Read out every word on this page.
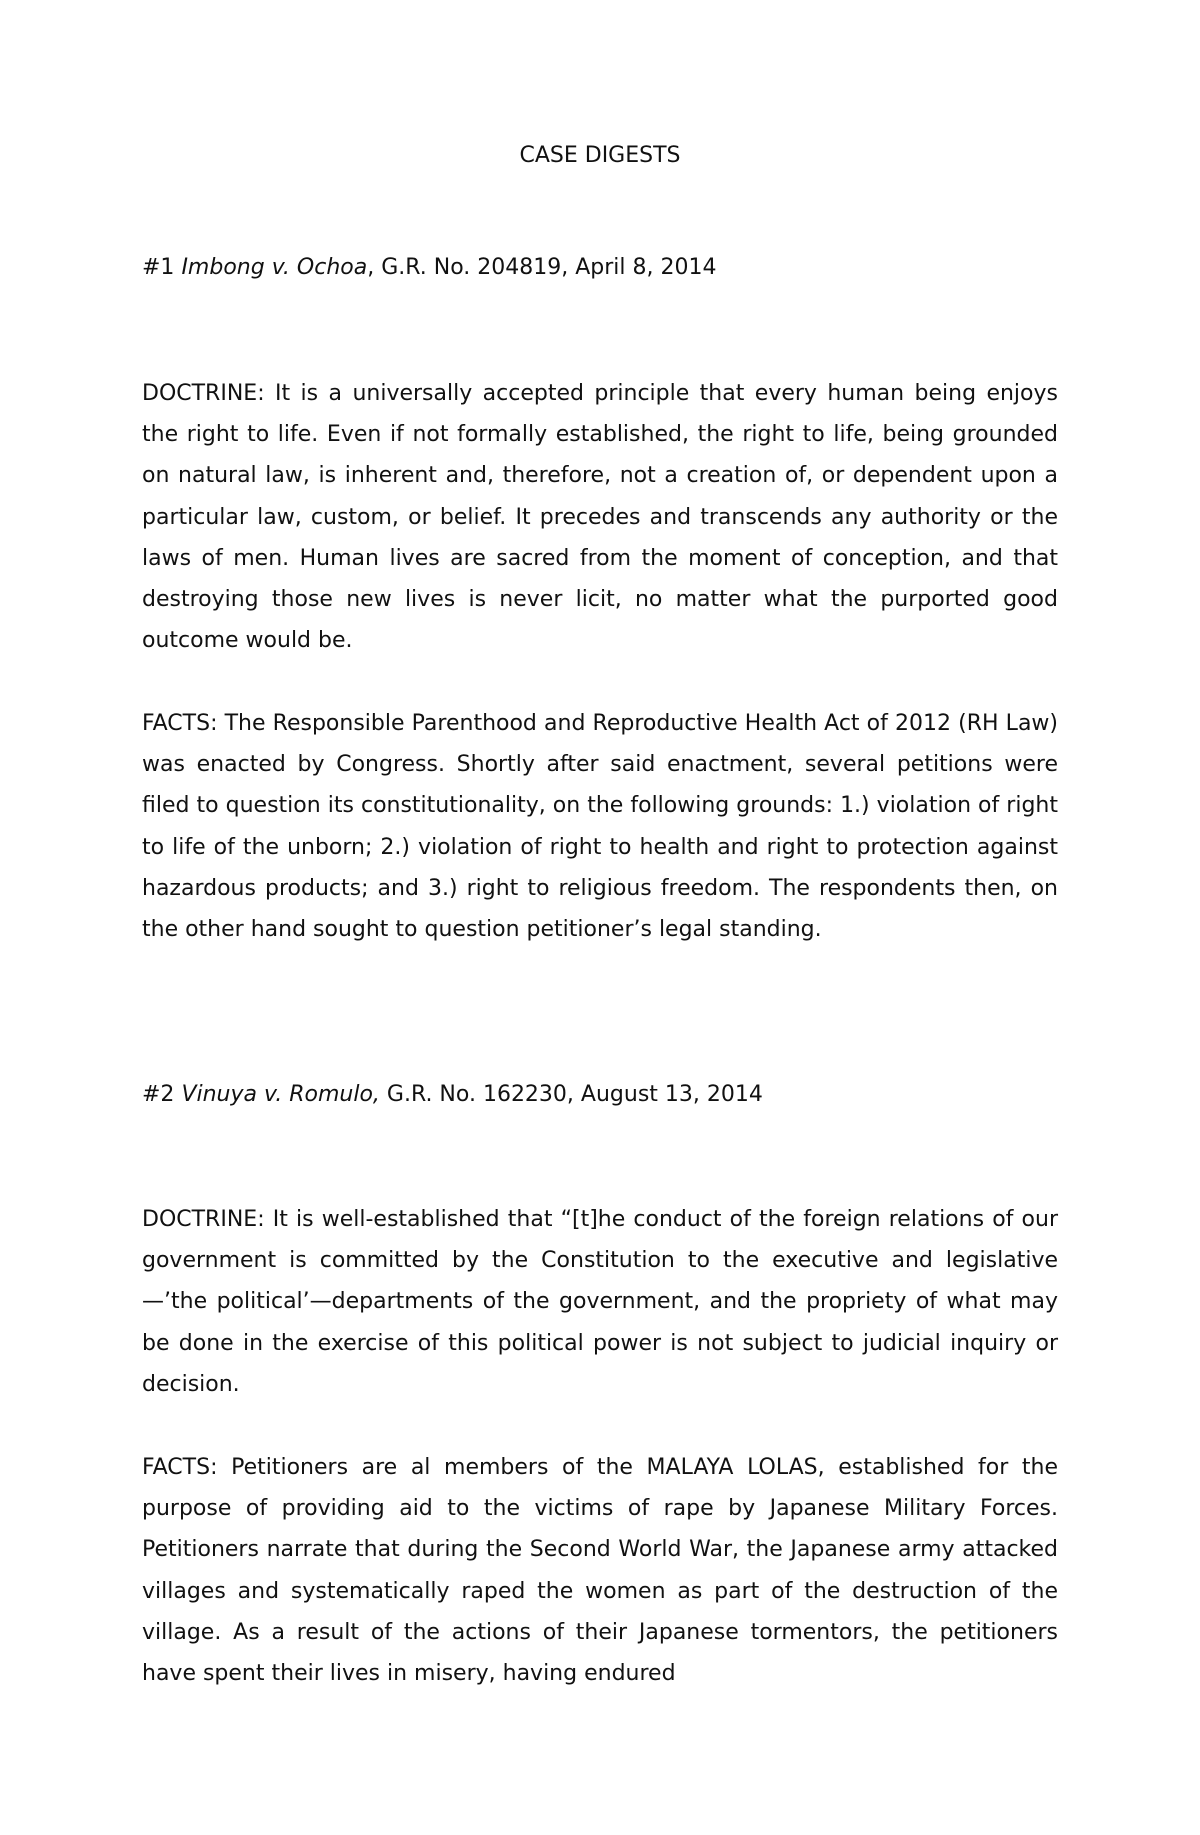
CASE DIGESTS

#1 Imbong v. Ochoa, G.R. No. 204819, April 8, 2014

DOCTRINE: It is a universally accepted principle that every human being enjoys the right to life. Even if not formally established, the right to life, being grounded on natural law, is inherent and, therefore, not a creation of, or dependent upon a particular law, custom, or belief. It precedes and transcends any authority or the laws of men. Human lives are sacred from the moment of conception, and that destroying those new lives is never licit, no matter what the purported good outcome would be.

FACTS: The Responsible Parenthood and Reproductive Health Act of 2012 (RH Law) was enacted by Congress. Shortly after said enactment, several petitions were filed to question its constitutionality, on the following grounds: 1.) violation of right to life of the unborn; 2.) violation of right to health and right to protection against hazardous products; and 3.) right to religious freedom. The respondents then, on the other hand sought to question petitioner’s legal standing.

#2 Vinuya v. Romulo, G.R. No. 162230, August 13, 2014

DOCTRINE: It is well-established that “[t]he conduct of the foreign relations of our government is committed by the Constitution to the executive and legislative—’the political’—departments of the government, and the propriety of what may be done in the exercise of this political power is not subject to judicial inquiry or decision.

FACTS: Petitioners are al members of the MALAYA LOLAS, established for the purpose of providing aid to the victims of rape by Japanese Military Forces. Petitioners narrate that during the Second World War, the Japanese army attacked villages and systematically raped the women as part of the destruction of the village. As a result of the actions of their Japanese tormentors, the petitioners have spent their lives in misery, having endured
